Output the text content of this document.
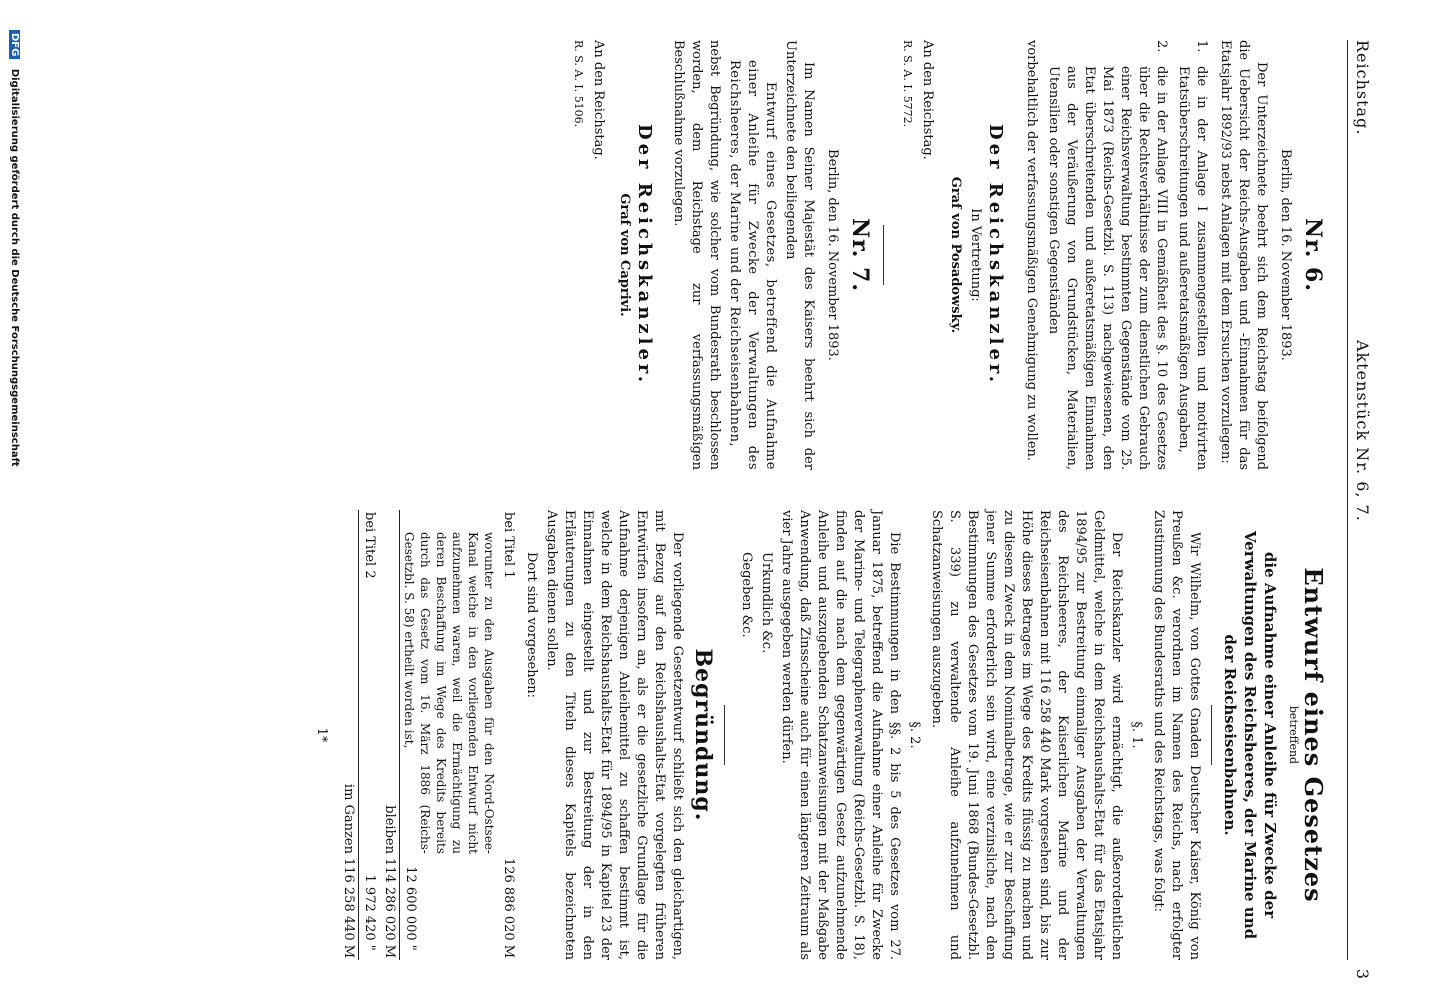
Reichstag.
Aktenstück Nr. 6, 7.
3

Nr. 6.

Berlin, den 16. November 1893.

Der Unterzeichnete beehrt sich dem Reichstag beifolgend die Uebersicht der Reichs-Ausgaben und -Einnahmen für das Etatsjahr 1892/93 nebst Anlagen mit dem Ersuchen vorzulegen:

1.
die in der Anlage I zusammengestellten und motivirten Etatsüberschreitungen und außeretatsmäßigen Ausgaben,
2.
die in der Anlage VIII in Gemäßheit des §. 10 des Gesetzes über die Rechtsverhältnisse der zum dienstlichen Gebrauch einer Reichsverwaltung bestimmten Gegenstände vom 25. Mai 1873 (Reichs-Gesetzbl. S. 113) nachgewiesenen, den Etat überschreitenden und außeretatsmäßigen Einnahmen aus der Veräußerung von Grundstücken, Materialien, Utensilien oder sonstigen Gegenständen

vorbehaltlich der verfassungsmäßigen Genehmigung zu wollen.

Der Reichskanzler.

In Vertretung:

Graf von Posadowsky.

An den Reichstag.

R. S. A. I. 5772.

Nr. 7.

Berlin, den 16. November 1893.

Im Namen Seiner Majestät des Kaisers beehrt sich der Unterzeichnete den beiliegenden

Entwurf eines Gesetzes, betreffend die Aufnahme einer Anleihe für Zwecke der Verwaltungen des Reichsheeres, der Marine und der Reichseisenbahnen,

nebst Begründung, wie solcher vom Bundesrath beschlossen worden, dem Reichstage zur verfassungsmäßigen Beschlußnahme vorzulegen.

Der Reichskanzler.

Graf von Caprivi.

An den Reichstag.

R. S. A. I. 5106.

Entwurf eines Gesetzes

betreffend

die Aufnahme einer Anleihe für Zwecke der Verwaltungen des Reichsheeres, der Marine und der Reichseisenbahnen.

Wir Wilhelm, von Gottes Gnaden Deutscher Kaiser, König von Preußen &c. verordnen im Namen des Reichs, nach erfolgter Zustimmung des Bundesraths und des Reichstags, was folgt:

§. 1.

Der Reichskanzler wird ermächtigt, die außerordentlichen Geldmittel, welche in dem Reichshaushalts-Etat für das Etatsjahr 1894/95 zur Bestreitung einmaliger Ausgaben der Verwaltungen des Reichsheeres, der Kaiserlichen Marine und der Reichseisenbahnen mit 116 258 440 Mark vorgesehen sind, bis zur Höhe dieses Betrages im Wege des Kredits flüssig zu machen und zu diesem Zweck in dem Nominalbetrage, wie er zur Beschaffung jener Summe erforderlich sein wird, eine verzinsliche, nach den Bestimmungen des Gesetzes vom 19. Juni 1868 (Bundes-Gesetzbl. S. 339) zu verwaltende Anleihe aufzunehmen und Schatzanweisungen auszugeben.

§. 2.

Die Bestimmungen in den §§. 2 bis 5 des Gesetzes vom 27. Januar 1875, betreffend die Aufnahme einer Anleihe für Zwecke der Marine- und Telegraphenverwaltung (Reichs-Gesetzbl. S. 18), finden auf die nach dem gegenwärtigen Gesetz aufzunehmende Anleihe und auszugebenden Schatzanweisungen mit der Maßgabe Anwendung, daß Zinsscheine auch für einen längeren Zeitraum als vier Jahre ausgegeben werden dürfen.

Urkundlich &c.

Gegeben &c.

Begründung.

Der vorliegende Gesetzentwurf schließt sich den gleichartigen, mit Bezug auf den Reichshaushalts-Etat vorgelegten früheren Entwürfen insofern an, als er die gesetzliche Grundlage für die Aufnahme derjenigen Anleihemittel zu schaffen bestimmt ist, welche in dem Reichshaushalts-Etat für 1894/95 in Kapitel 23 der Einnahmen eingestellt und zur Bestreitung der in den Erläuterungen zu den Titeln dieses Kapitels bezeichneten Ausgaben dienen sollen.

Dort sind vorgesehen:

bei Titel 1	126 886 020	M
worunter zu den Ausgaben für den Nord-Ostsee-Kanal welche in den vorliegenden Entwurf nicht aufzunehmen waren, weil die Ermächtigung zu deren Beschaffung im Wege des Kredits bereits durch das Gesetz vom 16. März 1886 (Reichs-Gesetzbl. S. 58) ertheilt worden ist,	12 600 000	"
bleiben	114 286 020	M
bei Titel 2	1 972 420	"
im Ganzen	116 258 440	M

1*

DFG Digitalisierung gefördert durch die Deutsche Forschungsgemeinschaft
